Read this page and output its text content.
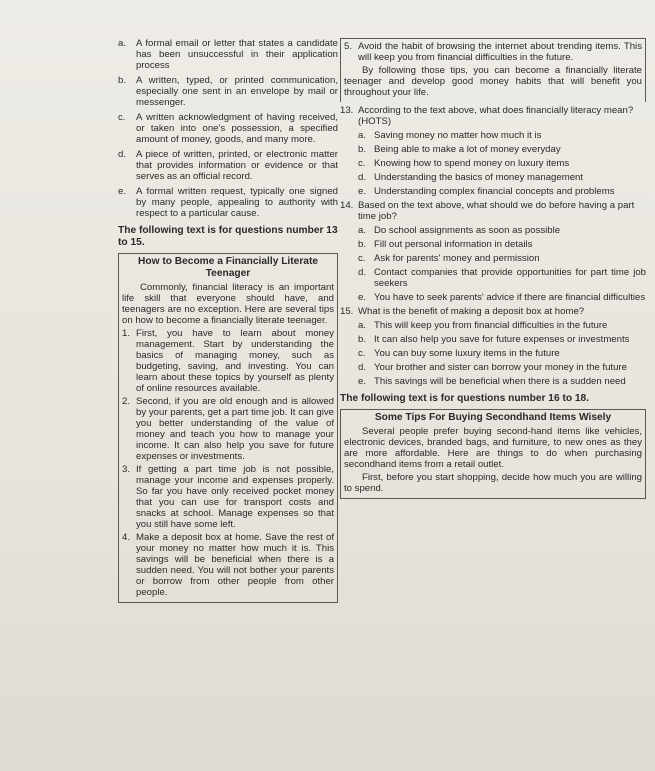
a.	A formal email or letter that states a candidate has been unsuccessful in their application process
b.	A written, typed, or printed communication, especially one sent in an envelope by mail or messenger.
c.	A written acknowledgment of having received, or taken into one's possession, a specified amount of money, goods, and many more.
d.	A piece of written, printed, or electronic matter that provides information or evidence or that serves as an official record.
e.	A formal written request, typically one signed by many people, appealing to authority with respect to a particular cause.
The following text is for questions number 13 to 15.
How to Become a Financially Literate Teenager

Commonly, financial literacy is an important life skill that everyone should have, and teenagers are no exception. Here are several tips on how to become a financially literate teenager.

1. First, you have to learn about money management. Start by understanding the basics of managing money, such as budgeting, saving, and investing. You can learn about these topics by yourself as plenty of online resources available.
2. Second, if you are old enough and is allowed by your parents, get a part time job. It can give you better understanding of the value of money and teach you how to manage your income. It can also help you save for future expenses or investments.
3. If getting a part time job is not possible, manage your income and expenses properly. So far you have only received pocket money that you can use for transport costs and snacks at school. Manage expenses so that you still have some left.
4. Make a deposit box at home. Save the rest of your money no matter how much it is. This savings will be beneficial when there is a sudden need. You will not bother your parents or borrow from other people from other people.
5. Avoid the habit of browsing the internet about trending items. This will keep you from financial difficulties in the future.

By following those tips, you can become a financially literate teenager and develop good money habits that will benefit you throughout your life.

13. According to the text above, what does financially literacy mean? (HOTS)
a. Saving money no matter how much it is
b. Being able to make a lot of money everyday
c. Knowing how to spend money on luxury items
d. Understanding the basics of money management
e. Understanding complex financial concepts and problems
14. Based on the text above, what should we do before having a part time job?
a. Do school assignments as soon as possible
b. Fill out personal information in details
c. Ask for parents' money and permission
d. Contact companies that provide opportunities for part time job seekers
e. You have to seek parents' advice if there are financial difficulties
15. What is the benefit of making a deposit box at home?
a. This will keep you from financial difficulties in the future
b. It can also help you save for future expenses or investments
c. You can buy some luxury items in the future
d. Your brother and sister can borrow your money in the future
e. This savings will be beneficial when there is a sudden need
The following text is for questions number 16 to 18.
Some Tips For Buying Secondhand Items Wisely

Several people prefer buying second-hand items like vehicles, electronic devices, branded bags, and furniture, to new ones as they are more affordable. Here are things to do when purchasing secondhand items from a retail outlet.

First, before you start shopping, decide how much you are willing to spend.
